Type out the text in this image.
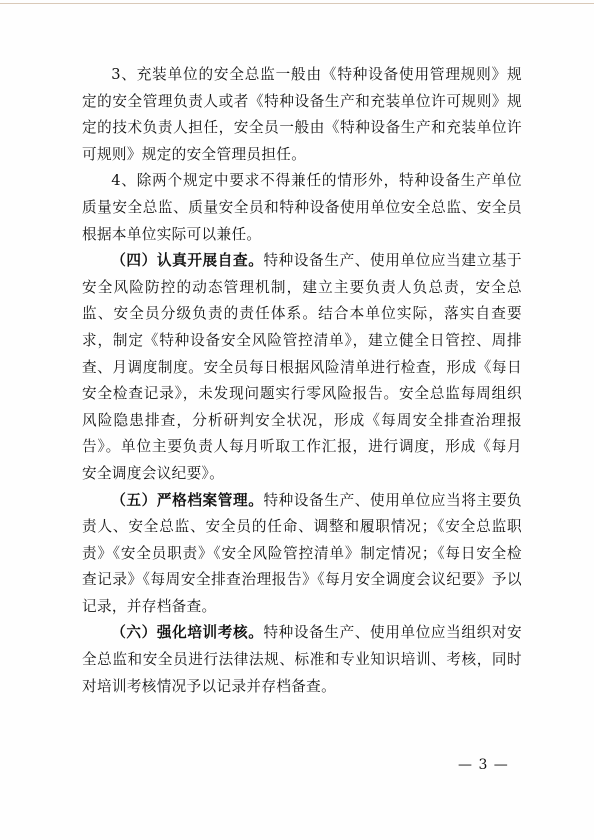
3、充装单位的安全总监一般由《特种设备使用管理规则》规定的安全管理负责人或者《特种设备生产和充装单位许可规则》规定的技术负责人担任，安全员一般由《特种设备生产和充装单位许可规则》规定的安全管理员担任。

4、除两个规定中要求不得兼任的情形外，特种设备生产单位质量安全总监、质量安全员和特种设备使用单位安全总监、安全员根据本单位实际可以兼任。

（四）认真开展自查。特种设备生产、使用单位应当建立基于安全风险防控的动态管理机制，建立主要负责人负总责，安全总监、安全员分级负责的责任体系。结合本单位实际，落实自查要求，制定《特种设备安全风险管控清单》，建立健全日管控、周排查、月调度制度。安全员每日根据风险清单进行检查，形成《每日安全检查记录》，未发现问题实行零风险报告。安全总监每周组织风险隐患排查，分析研判安全状况，形成《每周安全排查治理报告》。单位主要负责人每月听取工作汇报，进行调度，形成《每月安全调度会议纪要》。

（五）严格档案管理。特种设备生产、使用单位应当将主要负责人、安全总监、安全员的任命、调整和履职情况；《安全总监职责》《安全员职责》《安全风险管控清单》制定情况；《每日安全检查记录》《每周安全排查治理报告》《每月安全调度会议纪要》予以记录，并存档备查。

（六）强化培训考核。特种设备生产、使用单位应当组织对安全总监和安全员进行法律法规、标准和专业知识培训、考核，同时对培训考核情况予以记录并存档备查。

— 3 —
